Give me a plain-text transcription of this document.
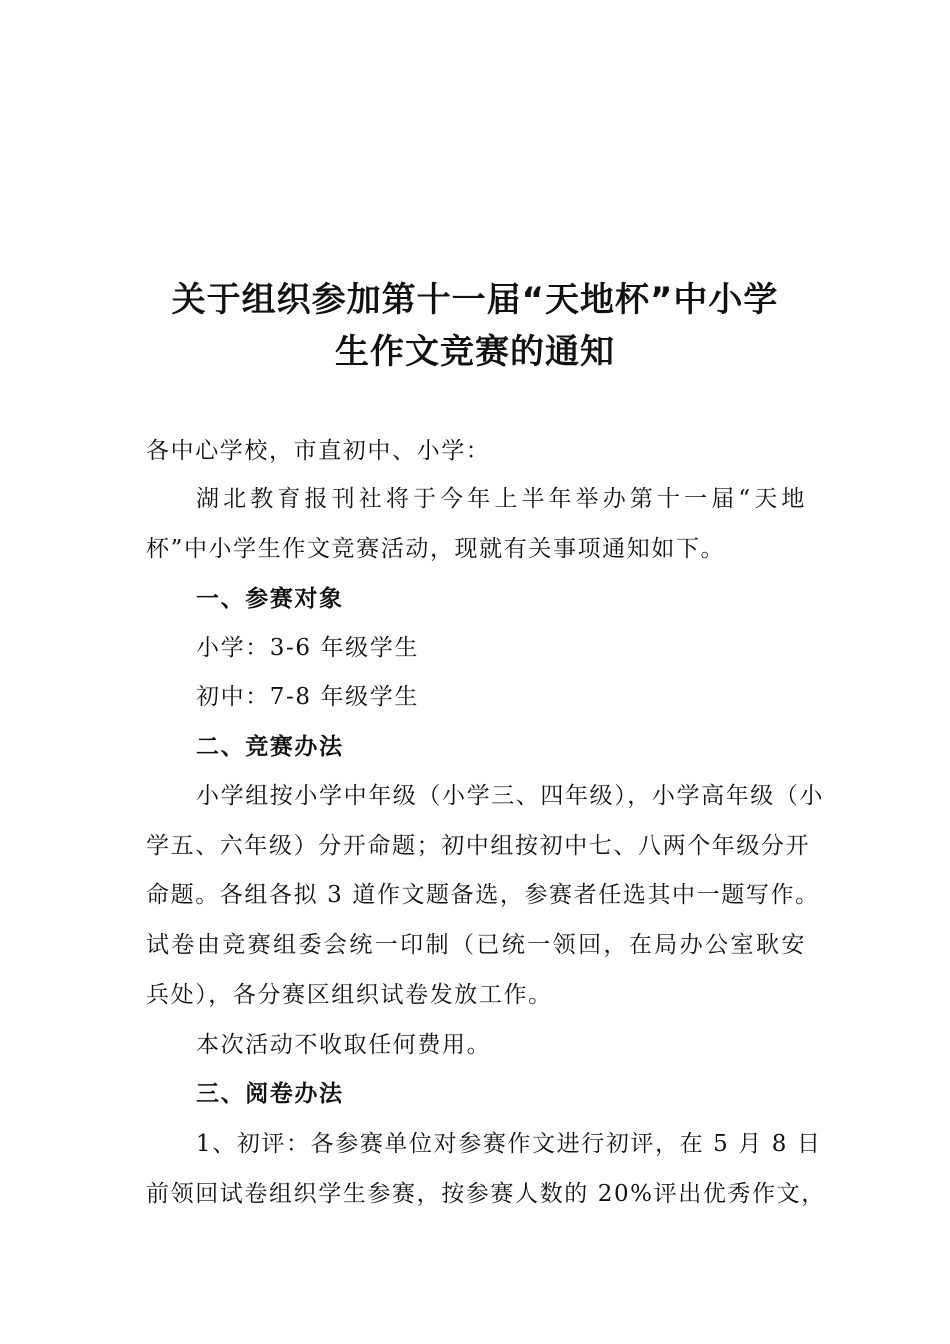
关于组织参加第十一届“天地杯”中小学
生作文竞赛的通知
各中心学校，市直初中、小学：
湖北教育报刊社将于今年上半年举办第十一届“天地
杯”中小学生作文竞赛活动，现就有关事项通知如下。
一、参赛对象
小学：3-6 年级学生
初中：7-8 年级学生
二、竞赛办法
小学组按小学中年级（小学三、四年级），小学高年级（小
学五、六年级）分开命题；初中组按初中七、八两个年级分开
命题。各组各拟 3 道作文题备选，参赛者任选其中一题写作。
试卷由竞赛组委会统一印制（已统一领回，在局办公室耿安
兵处），各分赛区组织试卷发放工作。
本次活动不收取任何费用。
三、阅卷办法
1、初评：各参赛单位对参赛作文进行初评，在 5 月 8 日
前领回试卷组织学生参赛，按参赛人数的 20%评出优秀作文，
